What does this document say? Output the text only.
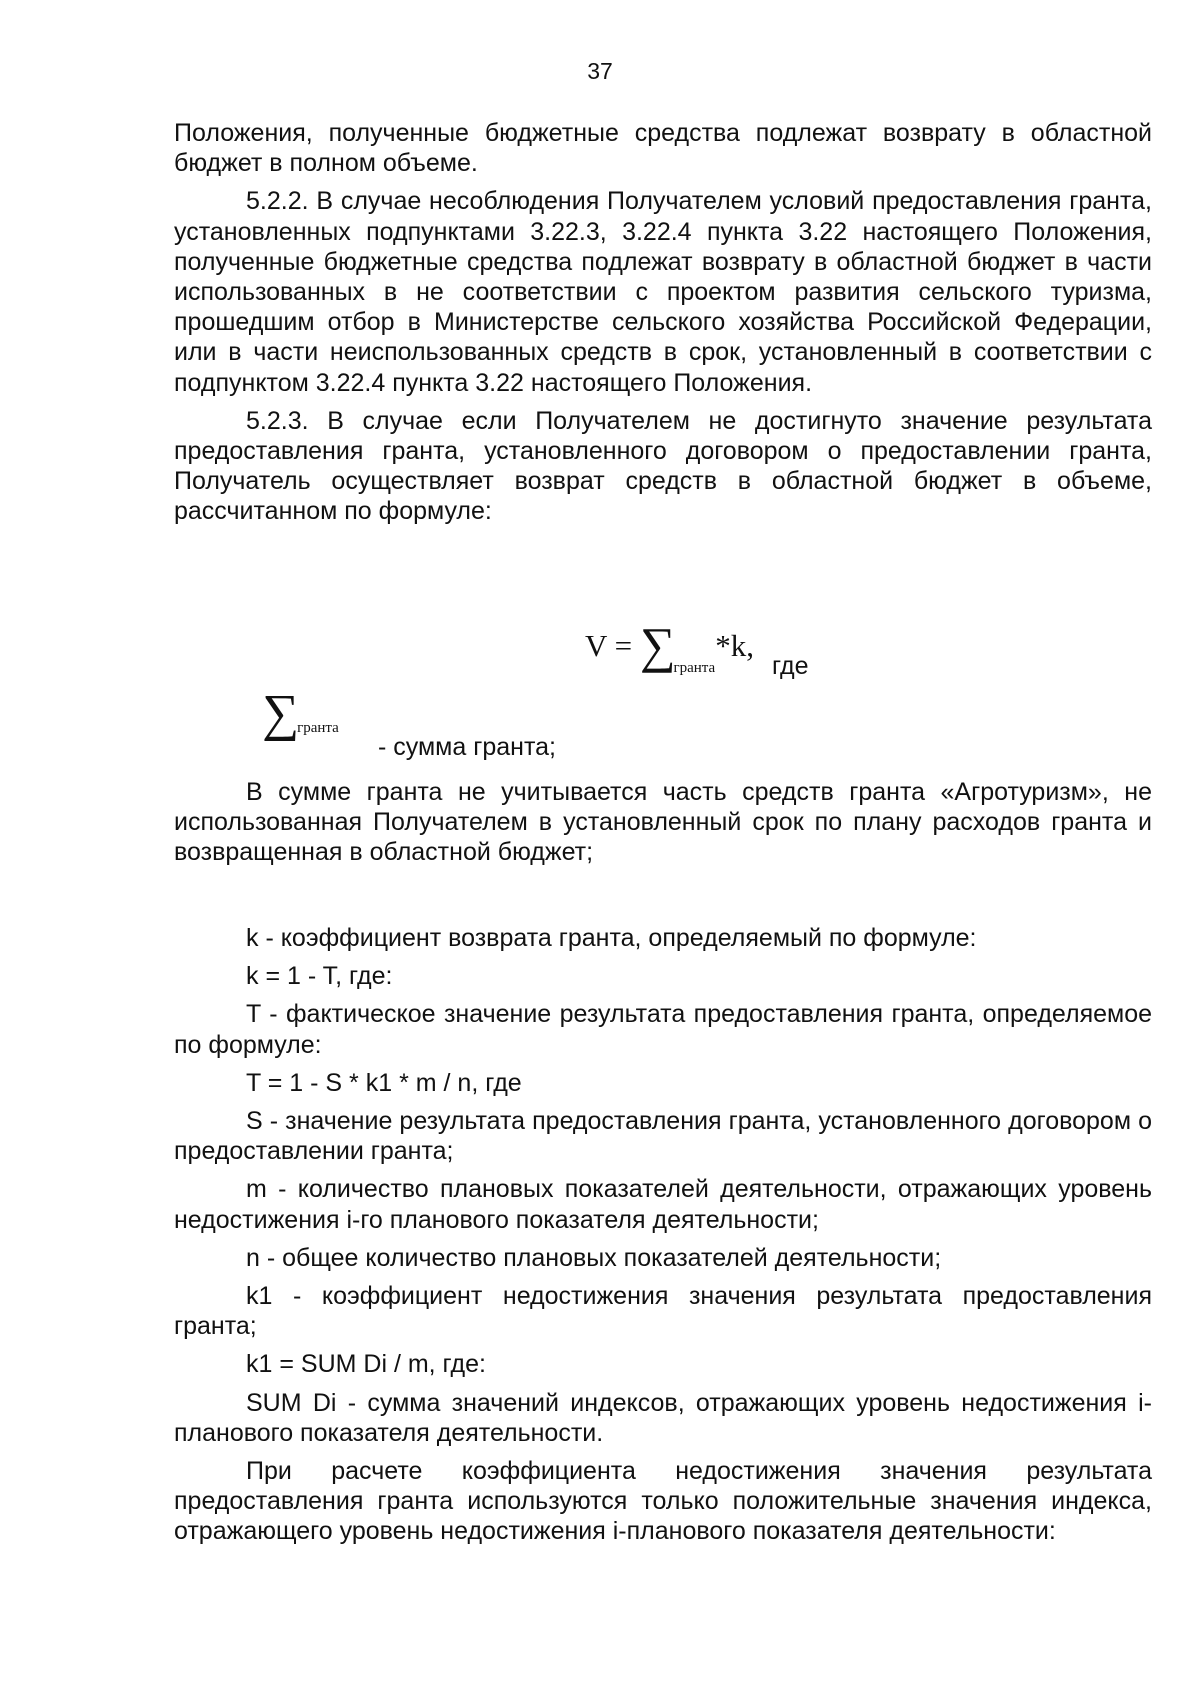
37

Положения, полученные бюджетные средства подлежат возврату в областной бюджет в полном объеме.

5.2.2. В случае несоблюдения Получателем условий предоставления гранта, установленных подпунктами 3.22.3, 3.22.4 пункта 3.22 настоящего Положения, полученные бюджетные средства подлежат возврату в областной бюджет в части использованных в не соответствии с проектом развития сельского туризма, прошедшим отбор в Министерстве сельского хозяйства Российской Федерации, или в части неиспользованных средств в срок, установленный в соответствии с подпунктом 3.22.4 пункта 3.22 настоящего Положения.

5.2.3. В случае если Получателем не достигнуто значение результата предоставления гранта, установленного договором о предоставлении гранта, Получатель осуществляет возврат средств в областной бюджет в объеме, рассчитанном по формуле:

$V = \sum_{гранта}*k$,
где
∑гранта
- сумма гранта;

В сумме гранта не учитывается часть средств гранта «Агротуризм», не использованная Получателем в установленный срок по плану расходов гранта и возвращенная в областной бюджет;

k - коэффициент возврата гранта, определяемый по формуле:

k = 1 - T, где:

T - фактическое значение результата предоставления гранта, определяемое по формуле:

T = 1 - S * k1 * m / n, где

S - значение результата предоставления гранта, установленного договором о предоставлении гранта;

m - количество плановых показателей деятельности, отражающих уровень недостижения i-го планового показателя деятельности;

n - общее количество плановых показателей деятельности;

k1 - коэффициент недостижения значения результата предоставления гранта;

k1 = SUM Di / m, где:

SUM Di - сумма значений индексов, отражающих уровень недостижения i-планового показателя деятельности.

При расчете коэффициента недостижения значения результата предоставления гранта используются только положительные значения индекса, отражающего уровень недостижения i-планового показателя деятельности:
